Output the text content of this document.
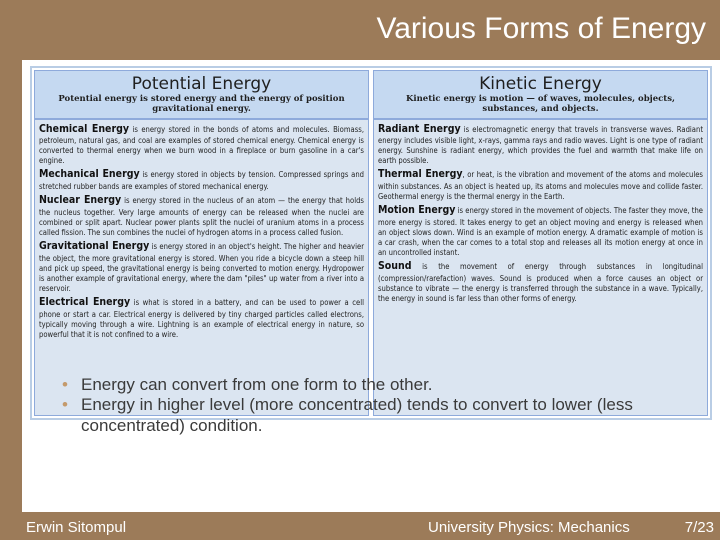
Various Forms of Energy
Potential Energy

Potential energy is stored energy and the energy of position gravitational energy.

Chemical Energy is energy stored in the bonds of atoms and molecules. Biomass, petroleum, natural gas, and coal are examples of stored chemical energy. Chemical energy is converted to thermal energy when we burn wood in a fireplace or burn gasoline in a car's engine.

Mechanical Energy is energy stored in objects by tension. Compressed springs and stretched rubber bands are examples of stored mechanical energy.

Nuclear Energy is energy stored in the nucleus of an atom — the energy that holds the nucleus together. Very large amounts of energy can be released when the nuclei are combined or split apart. Nuclear power plants split the nuclei of uranium atoms in a process called fission. The sun combines the nuclei of hydrogen atoms in a process called fusion.

Gravitational Energy is energy stored in an object's height. The higher and heavier the object, the more gravitational energy is stored. When you ride a bicycle down a steep hill and pick up speed, the gravitational energy is being converted to motion energy. Hydropower is another example of gravitational energy, where the dam "piles" up water from a river into a reservoir.

Electrical Energy is what is stored in a battery, and can be used to power a cell phone or start a car. Electrical energy is delivered by tiny charged particles called electrons, typically moving through a wire. Lightning is an example of electrical energy in nature, so powerful that it is not confined to a wire.

Kinetic Energy

Kinetic energy is motion — of waves, molecules, objects, substances, and objects.

Radiant Energy is electromagnetic energy that travels in transverse waves. Radiant energy includes visible light, x-rays, gamma rays and radio waves. Light is one type of radiant energy. Sunshine is radiant energy, which provides the fuel and warmth that make life on earth possible.

Thermal Energy, or heat, is the vibration and movement of the atoms and molecules within substances. As an object is heated up, its atoms and molecules move and collide faster. Geothermal energy is the thermal energy in the Earth.

Motion Energy is energy stored in the movement of objects. The faster they move, the more energy is stored. It takes energy to get an object moving and energy is released when an object slows down. Wind is an example of motion energy. A dramatic example of motion is a car crash, when the car comes to a total stop and releases all its motion energy at once in an uncontrolled instant.

Sound is the movement of energy through substances in longitudinal (compression/rarefaction) waves. Sound is produced when a force causes an object or substance to vibrate — the energy is transferred through the substance in a wave. Typically, the energy in sound is far less than other forms of energy.

• Energy can convert from one form to the other.
• Energy in higher level (more concentrated) tends to convert to lower (less concentrated) condition.
Erwin Sitompul	University Physics: Mechanics	7/23
